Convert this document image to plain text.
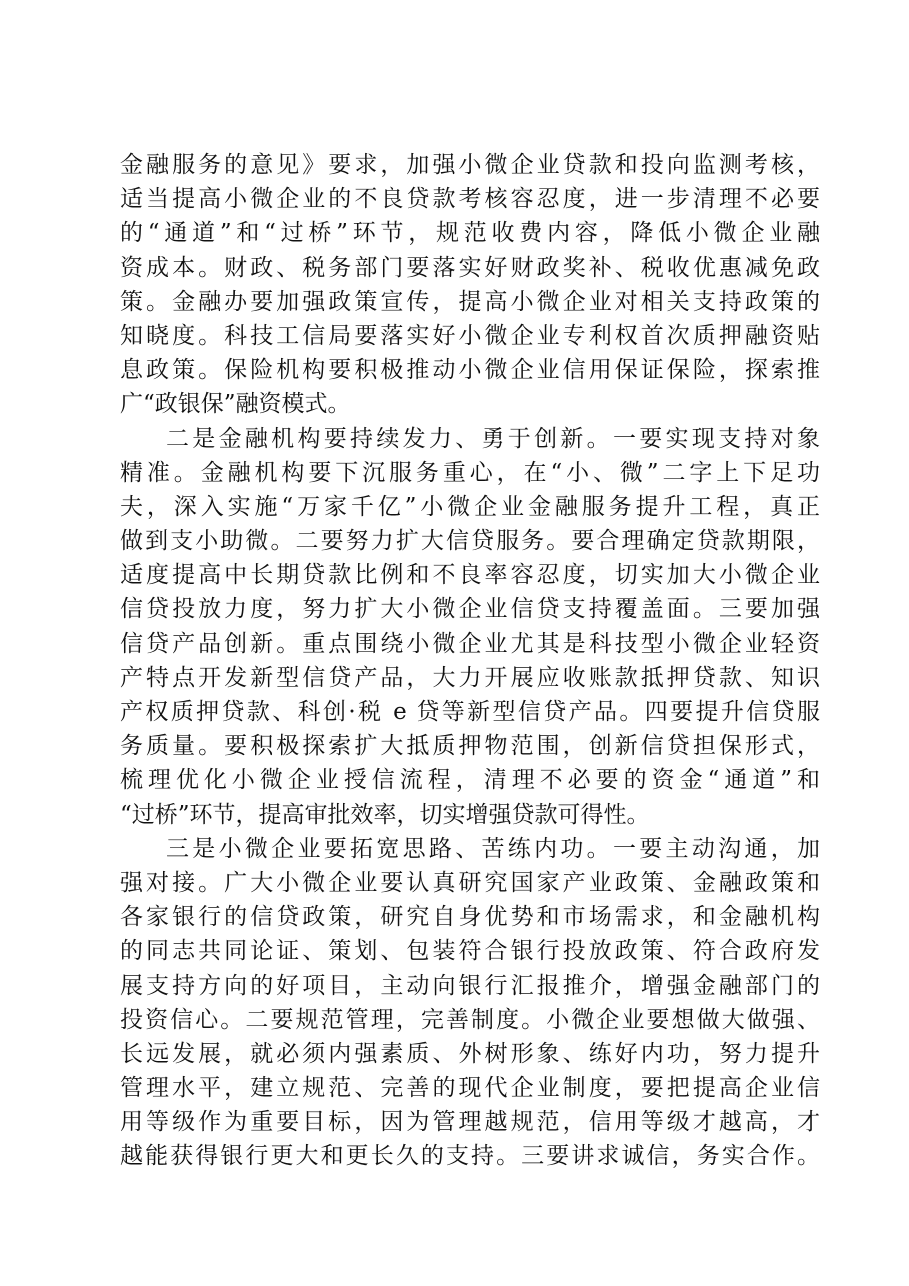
金融服务的意见》要求，加强小微企业贷款和投向监测考核，
适当提高小微企业的不良贷款考核容忍度，进一步清理不必要
的“通道”和“过桥”环节，规范收费内容，降低小微企业融
资成本。财政、税务部门要落实好财政奖补、税收优惠减免政
策。金融办要加强政策宣传，提高小微企业对相关支持政策的
知晓度。科技工信局要落实好小微企业专利权首次质押融资贴
息政策。保险机构要积极推动小微企业信用保证保险，探索推
广“政银保”融资模式。
二是金融机构要持续发力、勇于创新。一要实现支持对象
精准。金融机构要下沉服务重心，在“小、微”二字上下足功
夫，深入实施“万家千亿”小微企业金融服务提升工程，真正
做到支小助微。二要努力扩大信贷服务。要合理确定贷款期限，
适度提高中长期贷款比例和不良率容忍度，切实加大小微企业
信贷投放力度，努力扩大小微企业信贷支持覆盖面。三要加强
信贷产品创新。重点围绕小微企业尤其是科技型小微企业轻资
产特点开发新型信贷产品，大力开展应收账款抵押贷款、知识
产权质押贷款、科创·税 e 贷等新型信贷产品。四要提升信贷服
务质量。要积极探索扩大抵质押物范围，创新信贷担保形式，
梳理优化小微企业授信流程，清理不必要的资金“通道”和
“过桥”环节，提高审批效率，切实增强贷款可得性。
三是小微企业要拓宽思路、苦练内功。一要主动沟通，加
强对接。广大小微企业要认真研究国家产业政策、金融政策和
各家银行的信贷政策，研究自身优势和市场需求，和金融机构
的同志共同论证、策划、包装符合银行投放政策、符合政府发
展支持方向的好项目，主动向银行汇报推介，增强金融部门的
投资信心。二要规范管理，完善制度。小微企业要想做大做强、
长远发展，就必须内强素质、外树形象、练好内功，努力提升
管理水平，建立规范、完善的现代企业制度，要把提高企业信
用等级作为重要目标，因为管理越规范，信用等级才越高，才
越能获得银行更大和更长久的支持。三要讲求诚信，务实合作。
